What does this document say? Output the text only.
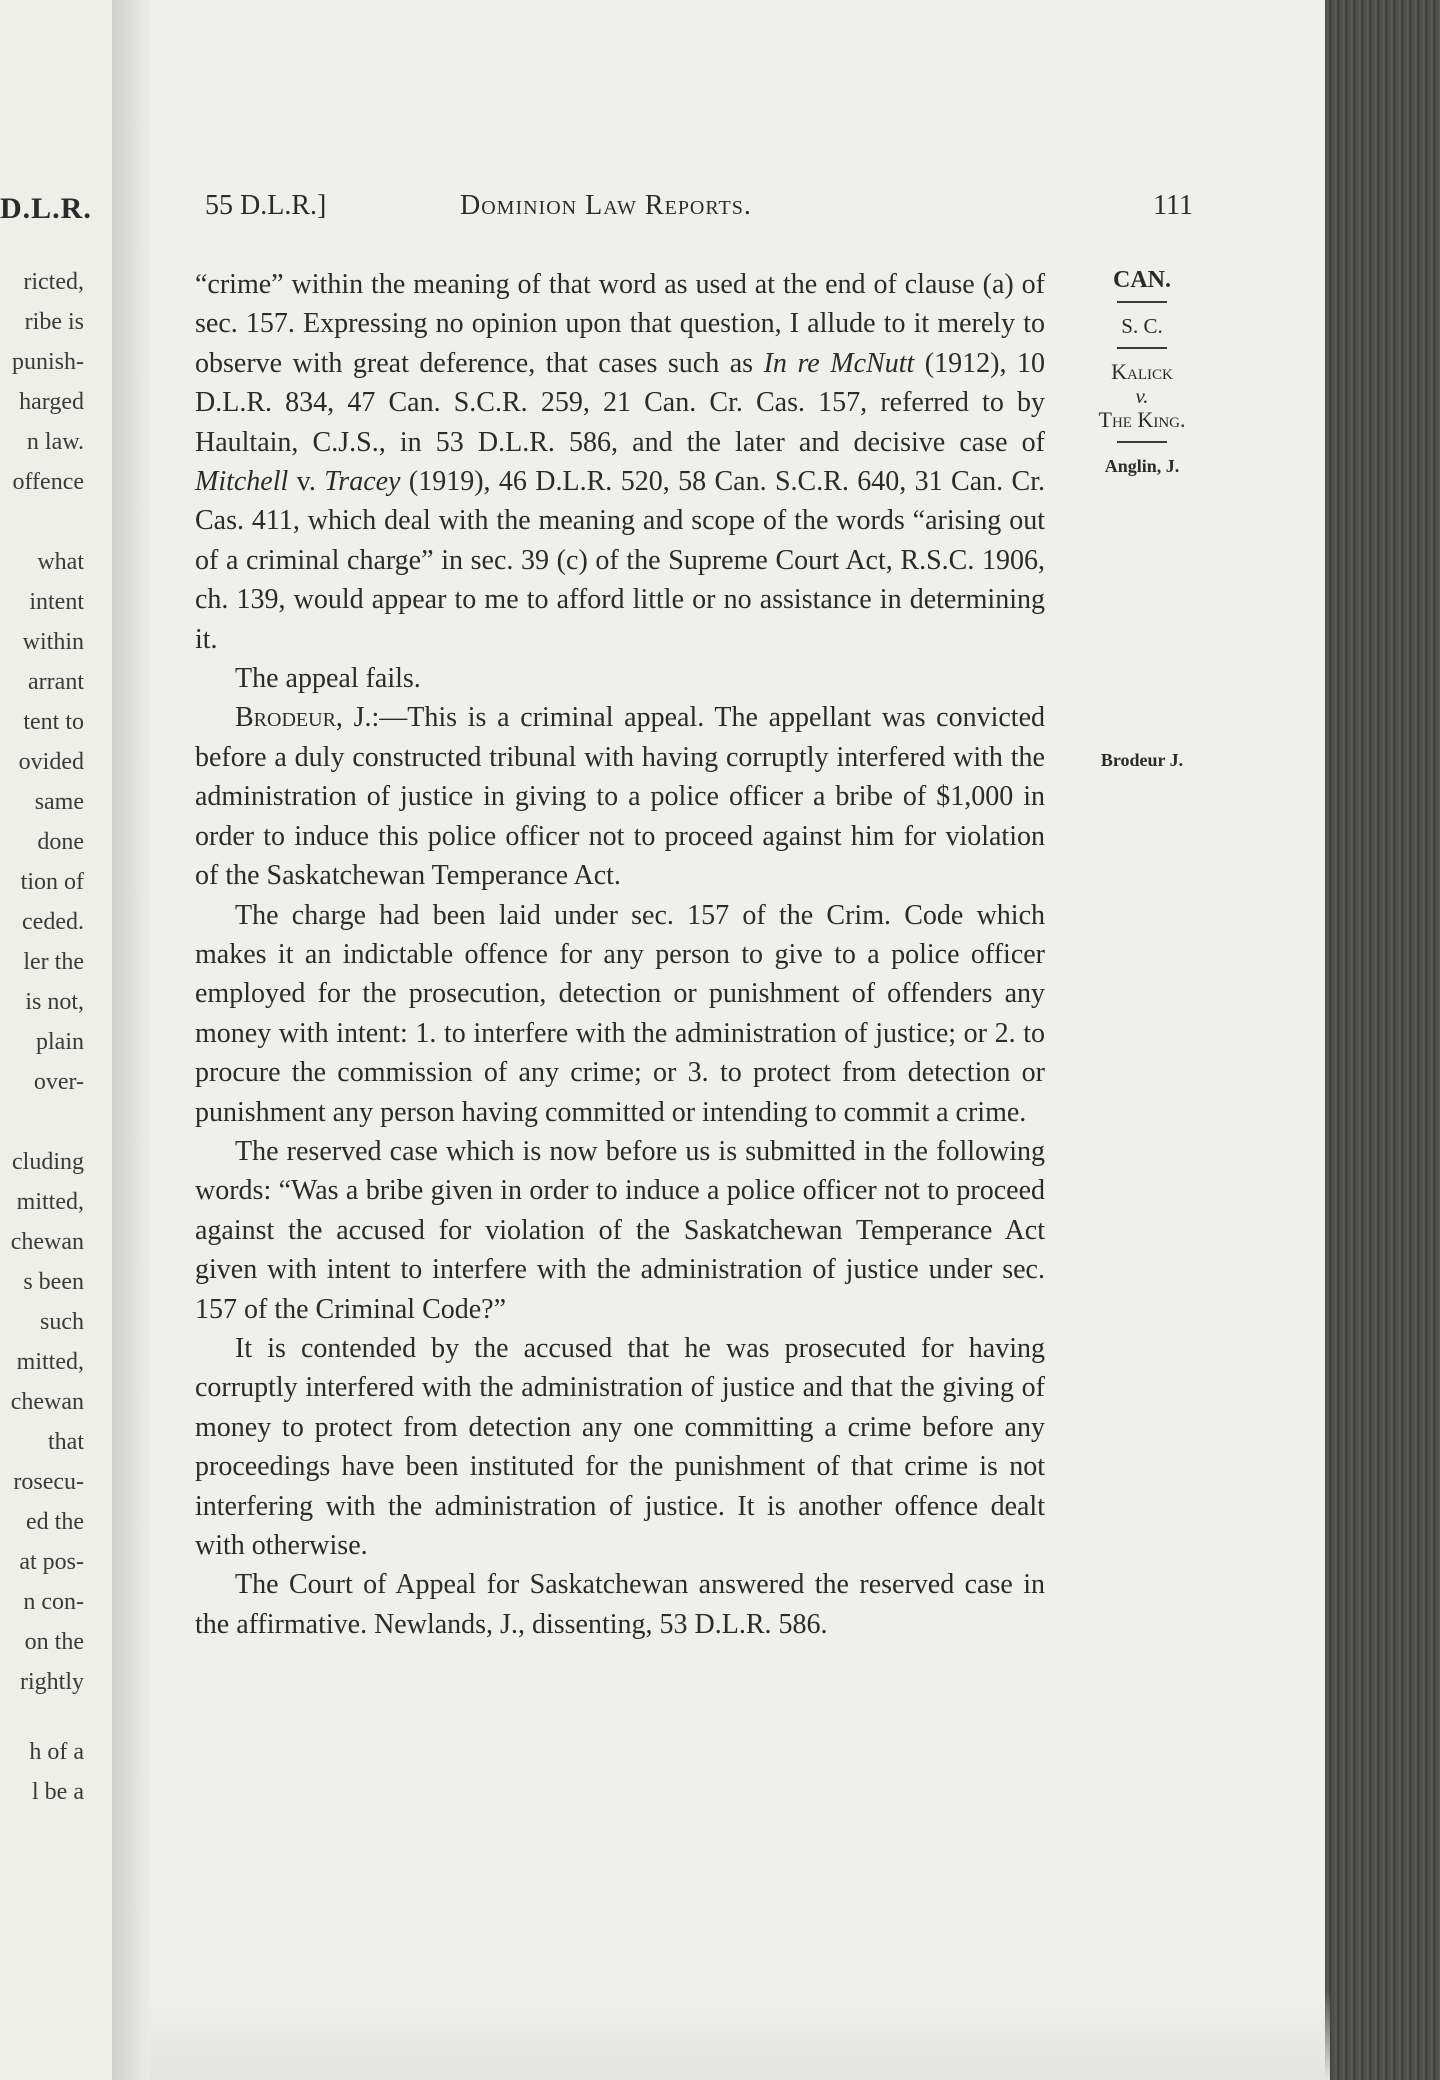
D.L.R.
ricted,
ribe is
punish-
harged
n law.
offence
what
intent
within
arrant
tent to
ovided
same
done
tion of
ceded.
ler the
is not,
plain
over-
cluding
mitted,
chewan
s been
such
mitted,
chewan
that
rosecu-
ed the
at pos-
n con-
on the
rightly
h of a
l be a
55 D.L.R.]	Dominion Law Reports.	111
CAN.
S. C.
Kalick
v.
The King.
Anglin, J.
Brodeur J.

“crime” within the meaning of that word as used at the end of clause (a) of sec. 157. Expressing no opinion upon that question, I allude to it merely to observe with great deference, that cases such as In re McNutt (1912), 10 D.L.R. 834, 47 Can. S.C.R. 259, 21 Can. Cr. Cas. 157, referred to by Haultain, C.J.S., in 53 D.L.R. 586, and the later and decisive case of Mitchell v. Tracey (1919), 46 D.L.R. 520, 58 Can. S.C.R. 640, 31 Can. Cr. Cas. 411, which deal with the meaning and scope of the words “arising out of a criminal charge” in sec. 39 (c) of the Supreme Court Act, R.S.C. 1906, ch. 139, would appear to me to afford little or no assistance in determining it.

The appeal fails.

Brodeur, J.:—This is a criminal appeal. The appellant was convicted before a duly constructed tribunal with having corruptly interfered with the administration of justice in giving to a police officer a bribe of $1,000 in order to induce this police officer not to proceed against him for violation of the Saskatchewan Temperance Act.

The charge had been laid under sec. 157 of the Crim. Code which makes it an indictable offence for any person to give to a police officer employed for the prosecution, detection or punishment of offenders any money with intent: 1. to interfere with the administration of justice; or 2. to procure the commission of any crime; or 3. to protect from detection or punishment any person having committed or intending to commit a crime.

The reserved case which is now before us is submitted in the following words: “Was a bribe given in order to induce a police officer not to proceed against the accused for violation of the Saskatchewan Temperance Act given with intent to interfere with the administration of justice under sec. 157 of the Criminal Code?”

It is contended by the accused that he was prosecuted for having corruptly interfered with the administration of justice and that the giving of money to protect from detection any one committing a crime before any proceedings have been instituted for the punishment of that crime is not interfering with the administration of justice. It is another offence dealt with otherwise.

The Court of Appeal for Saskatchewan answered the reserved case in the affirmative. Newlands, J., dissenting, 53 D.L.R. 586.
